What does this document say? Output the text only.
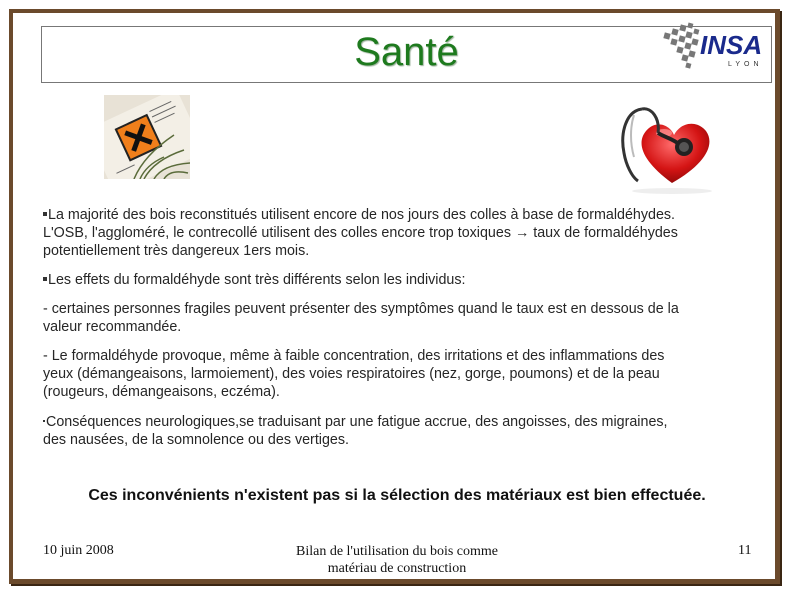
Santé	INSA
LYON
La majorité des bois reconstitués utilisent encore de nos jours des colles à base de formaldéhydes.
L'OSB, l'aggloméré, le contrecollé utilisent des colles encore trop toxiques → taux de formaldéhydes
potentiellement très dangereux 1ers mois.
Les effets du formaldéhyde sont très différents selon les individus:
- certaines personnes fragiles peuvent présenter des symptômes quand le taux est en dessous de la
valeur recommandée.
- Le formaldéhyde provoque, même à faible concentration, des irritations et des inflammations des
yeux (démangeaisons, larmoiement), des voies respiratoires (nez, gorge, poumons) et de la peau
(rougeurs, démangeaisons, eczéma).
Conséquences neurologiques,se traduisant par une fatigue accrue, des angoisses, des migraines,
des nausées, de la somnolence ou des vertiges.
Ces inconvénients n'existent pas si la sélection des matériaux est bien effectuée.
10 juin 2008	Bilan de l'utilisation du bois comme
matériau de construction
11
